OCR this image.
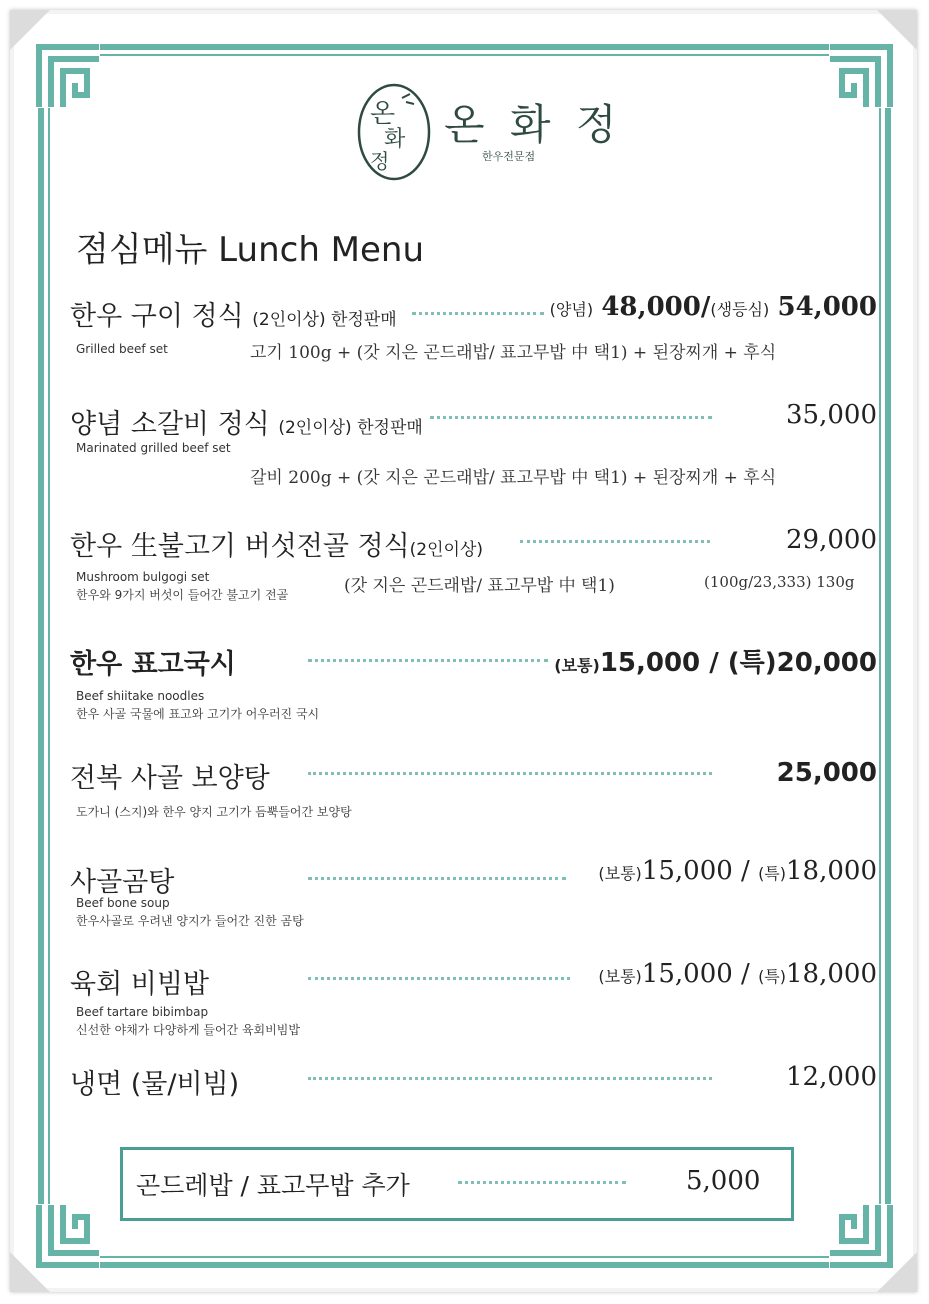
온
화
정
온 화 정
한우전문점
점심메뉴 Lunch Menu
한우 구이 정식 (2인이상) 한정판매
(양념) 48,000/(생등심) 54,000
Grilled beef set	고기 100g + (갓 지은 곤드래밥/ 표고무밥 中 택1) + 된장찌개 + 후식
양념 소갈비 정식 (2인이상) 한정판매	35,000
Marinated grilled beef set
갈비 200g + (갓 지은 곤드래밥/ 표고무밥 中 택1) + 된장찌개 + 후식
한우 生불고기 버섯전골 정식(2인이상)	29,000
Mushroom bulgogi set
한우와 9가지 버섯이 들어간 불고기 전골	(갓 지은 곤드래밥/ 표고무밥 中 택1)	(100g/23,333) 130g
한우 표고국시	(보통)15,000 / (특)20,000
Beef shiitake noodles
한우 사골 국물에 표고와 고기가 어우러진 국시
전복 사골 보양탕	25,000
도가니 (스지)와 한우 양지 고기가 듬뿍들어간 보양탕
사골곰탕	(보통)15,000 / (특)18,000
Beef bone soup
한우사골로 우려낸 양지가 들어간 진한 곰탕
육회 비빔밥	(보통)15,000 / (특)18,000
Beef tartare bibimbap
신선한 야채가 다양하게 들어간 육회비빔밥
냉면 (물/비빔)	12,000
곤드레밥 / 표고무밥 추가	5,000
